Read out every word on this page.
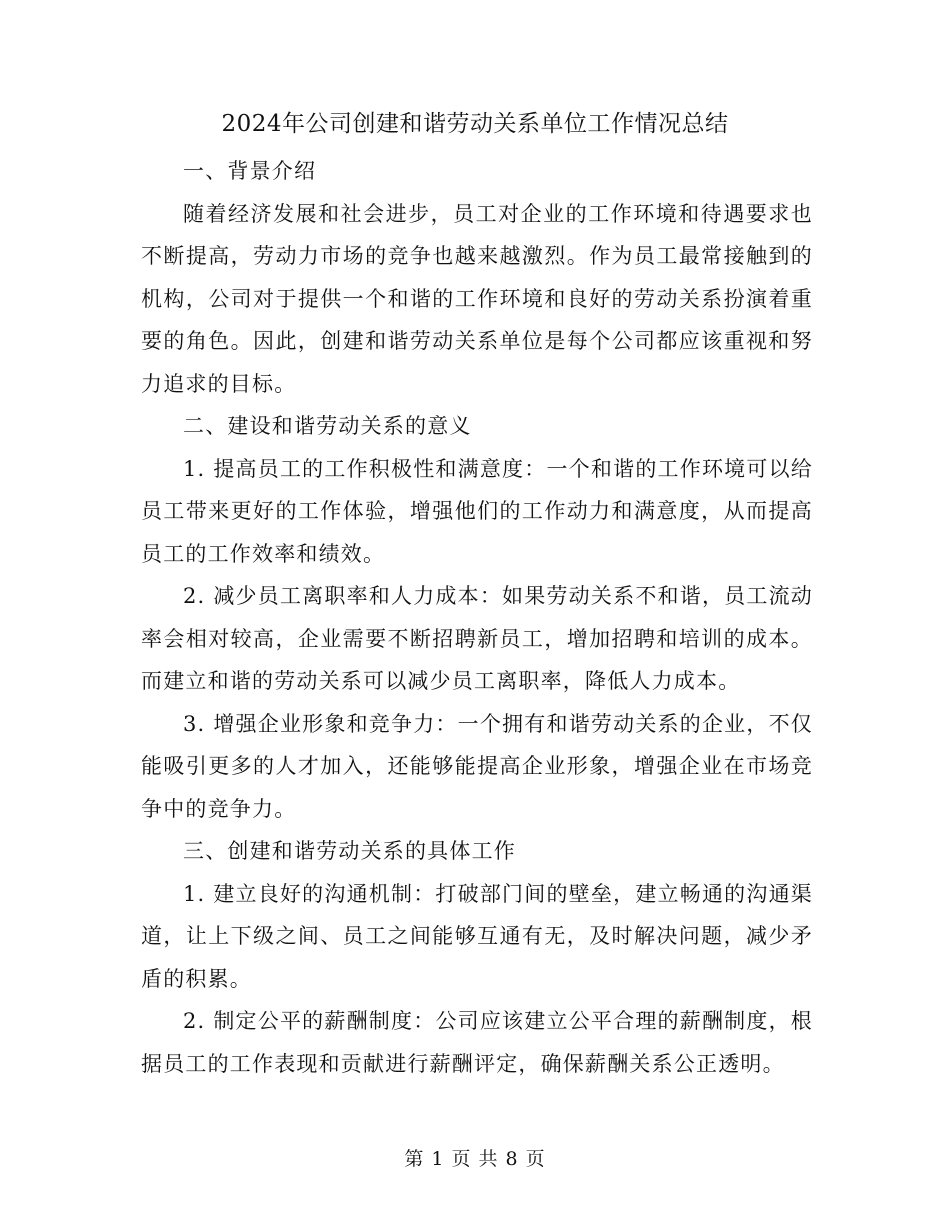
2024年公司创建和谐劳动关系单位工作情况总结

一、背景介绍

随着经济发展和社会进步，员工对企业的工作环境和待遇要求也不断提高，劳动力市场的竞争也越来越激烈。作为员工最常接触到的机构，公司对于提供一个和谐的工作环境和良好的劳动关系扮演着重要的角色。因此，创建和谐劳动关系单位是每个公司都应该重视和努力追求的目标。

二、建设和谐劳动关系的意义

1. 提高员工的工作积极性和满意度：一个和谐的工作环境可以给员工带来更好的工作体验，增强他们的工作动力和满意度，从而提高员工的工作效率和绩效。

2. 减少员工离职率和人力成本：如果劳动关系不和谐，员工流动率会相对较高，企业需要不断招聘新员工，增加招聘和培训的成本。而建立和谐的劳动关系可以减少员工离职率，降低人力成本。

3. 增强企业形象和竞争力：一个拥有和谐劳动关系的企业，不仅能吸引更多的人才加入，还能够能提高企业形象，增强企业在市场竞争中的竞争力。

三、创建和谐劳动关系的具体工作

1. 建立良好的沟通机制：打破部门间的壁垒，建立畅通的沟通渠道，让上下级之间、员工之间能够互通有无，及时解决问题，减少矛盾的积累。

2. 制定公平的薪酬制度：公司应该建立公平合理的薪酬制度，根据员工的工作表现和贡献进行薪酬评定，确保薪酬关系公正透明。

第 1 页 共 8 页
